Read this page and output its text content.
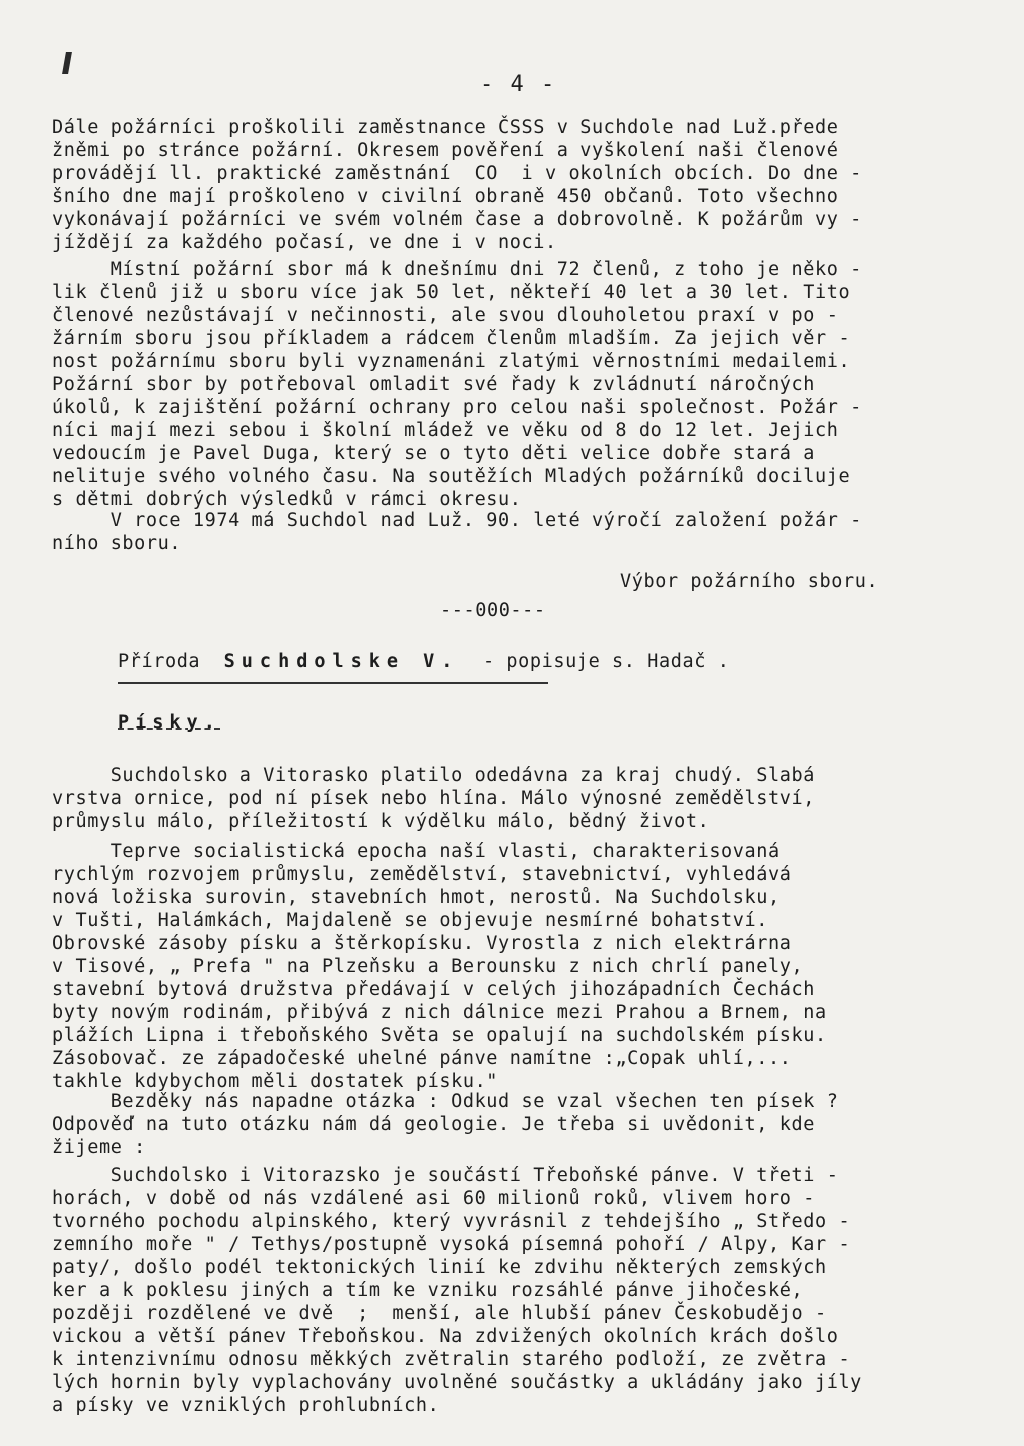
- 4 -
Dále požárníci proškolili zaměstnance ČSSS v Suchdole nad Luž.přede
žněmi po stránce požární. Okresem pověření a vyškolení naši členové
provádějí ll. praktické zaměstnání  CO  i v okolních obcích. Do dne -
šního dne mají proškoleno v civilní obraně 450 občanů. Toto všechno
vykonávají požárníci ve svém volném čase a dobrovolně. K požárům vy -
jíždějí za každého počasí, ve dne i v noci.
Místní požární sbor má k dnešnímu dni 72 členů, z toho je něko -
lik členů již u sboru více jak 50 let, někteří 40 let a 30 let. Tito
členové nezůstávají v nečinnosti, ale svou dlouholetou praxí v po -
žárním sboru jsou příkladem a rádcem členům mladším. Za jejich věr -
nost požárnímu sboru byli vyznamenáni zlatými věrnostními medailemi.
Požární sbor by potřeboval omladit své řady k zvládnutí náročných
úkolů, k zajištění požární ochrany pro celou naši společnost. Požár -
níci mají mezi sebou i školní mládež ve věku od 8 do 12 let. Jejich
vedoucím je Pavel Duga, který se o tyto děti velice dobře stará a
nelituje svého volného času. Na soutěžích Mladých požárníků dociluje
s dětmi dobrých výsledků v rámci okresu.
V roce 1974 má Suchdol nad Luž. 90. leté výročí založení požár -
ního sboru.
Výbor požárního sboru.
---000---
Příroda Suchdolske V. - popisuje s. Hadač .
Písky.
Suchdolsko a Vitorasko platilo odedávna za kraj chudý. Slabá
vrstva ornice, pod ní písek nebo hlína. Málo výnosné zemědělství,
průmyslu málo, příležitostí k výdělku málo, bědný život.
Teprve socialistická epocha naší vlasti, charakterisovaná
rychlým rozvojem průmyslu, zemědělství, stavebnictví, vyhledává
nová ložiska surovin, stavebních hmot, nerostů. Na Suchdolsku,
v Tušti, Halámkách, Majdaleně se objevuje nesmírné bohatství.
Obrovské zásoby písku a štěrkopísku. Vyrostla z nich elektrárna
v Tisové, „ Prefa " na Plzeňsku a Berounsku z nich chrlí panely,
stavební bytová družstva předávají v celých jihozápadních Čechách
byty novým rodinám, přibývá z nich dálnice mezi Prahou a Brnem, na
plážích Lipna i třeboňského Světa se opalují na suchdolském písku.
Zásobovač. ze západočeské uhelné pánve namítne :„Copak uhlí,...
takhle kdybychom měli dostatek písku."
Bezděky nás napadne otázka : Odkud se vzal všechen ten písek ?
Odpověď na tuto otázku nám dá geologie. Je třeba si uvědonit, kde
žijeme :
Suchdolsko i Vitorazsko je součástí Třeboňské pánve. V třeti -
horách, v době od nás vzdálené asi 60 milionů roků, vlivem horo -
tvorného pochodu alpinského, který vyvrásnil z tehdejšího „ Středo -
zemního moře " / Tethys/postupně vysoká písemná pohoří / Alpy, Kar -
paty/, došlo podél tektonických linií ke zdvihu některých zemských
ker a k poklesu jiných a tím ke vzniku rozsáhlé pánve jihočeské,
později rozdělené ve dvě  ;  menší, ale hlubší pánev Českobudějo -
vickou a větší pánev Třeboňskou. Na zdvižených okolních krách došlo
k intenzivnímu odnosu měkkých zvětralin starého podloží, ze zvětra -
lých hornin byly vyplachovány uvolněné součástky a ukládány jako jíly
a písky ve vzniklých prohlubních.
